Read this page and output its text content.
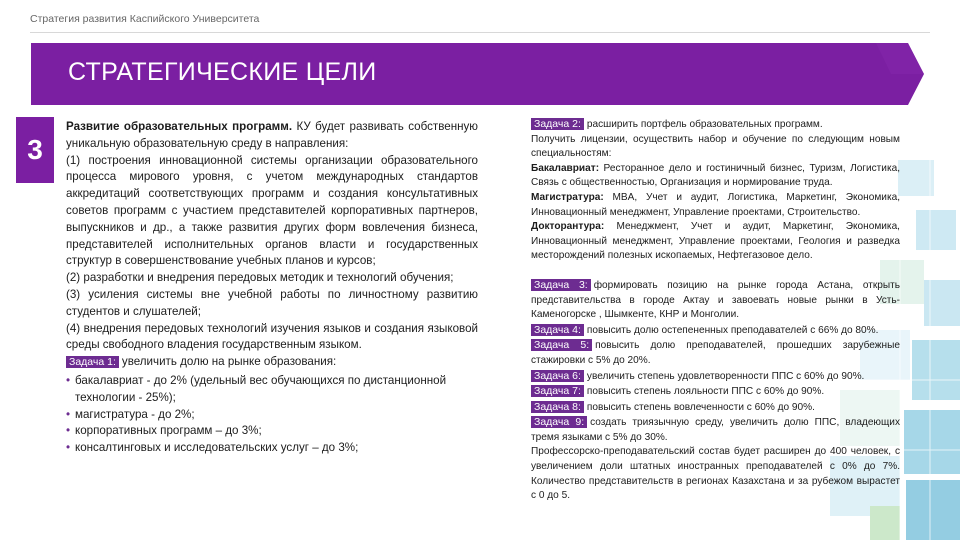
Стратегия развития Каспийского Университета
СТРАТЕГИЧЕСКИЕ ЦЕЛИ
3

Развитие образовательных программ. КУ будет развивать собственную уникальную образовательную среду в направления:

(1) построения инновационной системы организации образовательного процесса мирового уровня, с учетом международных стандартов аккредитаций соответствующих программ и создания консультативных советов программ с участием представителей корпоративных партнеров, выпускников и др., а также развития других форм вовлечения бизнеса, представителей исполнительных органов власти и государственных структур в совершенствование учебных планов и курсов;

(2) разработки и внедрения передовых методик и технологий обучения;

(3) усиления системы вне учебной работы по личностному развитию студентов и слушателей;

(4) внедрения передовых технологий изучения языков и создания языковой среды свободного владения государственным языком.

Задача 1: увеличить долю на рынке образования:

• бакалавриат - до 2% (удельный вес обучающихся по дистанционной технологии - 25%);
• магистратура - до 2%;
• корпоративных программ – до 3%;
• консалтинговых и исследовательских услуг – до 3%;

Задача 2: расширить портфель образовательных программ.

Получить лицензии, осуществить набор и обучение по следующим новым специальностям:

Бакалавриат: Ресторанное дело и гостиничный бизнес, Туризм, Логистика, Связь с общественностью, Организация и нормирование труда.

Магистратура: MBA, Учет и аудит, Логистика, Маркетинг, Экономика, Инновационный менеджмент, Управление проектами, Строительство.

Докторантура: Менеджмент, Учет и аудит, Маркетинг, Экономика, Инновационный менеджмент, Управление проектами, Геология и разведка месторождений полезных ископаемых, Нефтегазовое дело.

Задача 3: формировать позицию на рынке города Астана, открыть представительства в городе Актау и завоевать новые рынки в Усть-Каменогорске , Шымкенте, КНР и Монголии.

Задача 4: повысить долю остепененных преподавателей с 66% до 80%.

Задача 5: повысить долю преподавателей, прошедших зарубежные стажировки с 5% до 20%.

Задача 6: увеличить степень удовлетворенности ППС с 60% до 90%.

Задача 7: повысить степень лояльности ППС с 60% до 90%.

Задача 8: повысить степень вовлеченности с 60% до 90%.

Задача 9: создать триязычную среду, увеличить долю ППС, владеющих тремя языками с 5% до 30%.

Профессорско-преподавательский состав будет расширен до 400 человек, с увеличением доли штатных иностранных преподавателей с 0% до 7%. Количество представительств в регионах Казахстана и за рубежом вырастет с 0 до 5.
